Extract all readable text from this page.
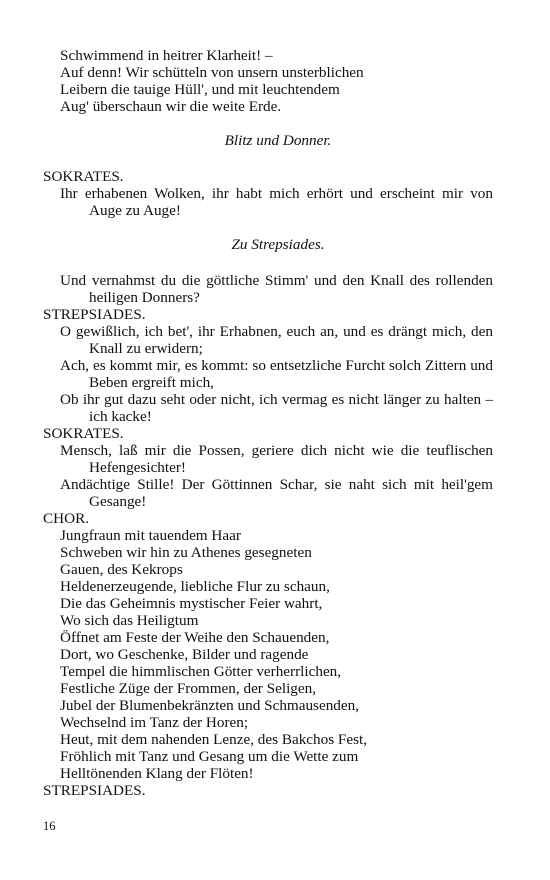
Schwimmend in heitrer Klarheit! –

Auf denn! Wir schütteln von unsern unsterblichen

Leibern die tauige Hüll', und mit leuchtendem

Aug' überschaun wir die weite Erde.

Blitz und Donner.

SOKRATES.

Ihr erhabenen Wolken, ihr habt mich erhört und erscheint mir von Auge zu Auge!

Zu Strepsiades.

Und vernahmst du die göttliche Stimm' und den Knall des rollenden heiligen Donners?

STREPSIADES.

O gewißlich, ich bet', ihr Erhabnen, euch an, und es drängt mich, den Knall zu erwidern;

Ach, es kommt mir, es kommt: so entsetzliche Furcht solch Zittern und Beben ergreift mich,

Ob ihr gut dazu seht oder nicht, ich vermag es nicht länger zu halten – ich kacke!

SOKRATES.

Mensch, laß mir die Possen, geriere dich nicht wie die teuflischen Hefengesichter!

Andächtige Stille! Der Göttinnen Schar, sie naht sich mit heil'gem Gesange!

CHOR.

Jungfraun mit tauendem Haar

Schweben wir hin zu Athenes gesegneten

Gauen, des Kekrops

Heldenerzeugende, liebliche Flur zu schaun,

Die das Geheimnis mystischer Feier wahrt,

Wo sich das Heiligtum

Öffnet am Feste der Weihe den Schauenden,

Dort, wo Geschenke, Bilder und ragende

Tempel die himmlischen Götter verherrlichen,

Festliche Züge der Frommen, der Seligen,

Jubel der Blumenbekränzten und Schmausenden,

Wechselnd im Tanz der Horen;

Heut, mit dem nahenden Lenze, des Bakchos Fest,

Fröhlich mit Tanz und Gesang um die Wette zum

Helltönenden Klang der Flöten!

STREPSIADES.

16
